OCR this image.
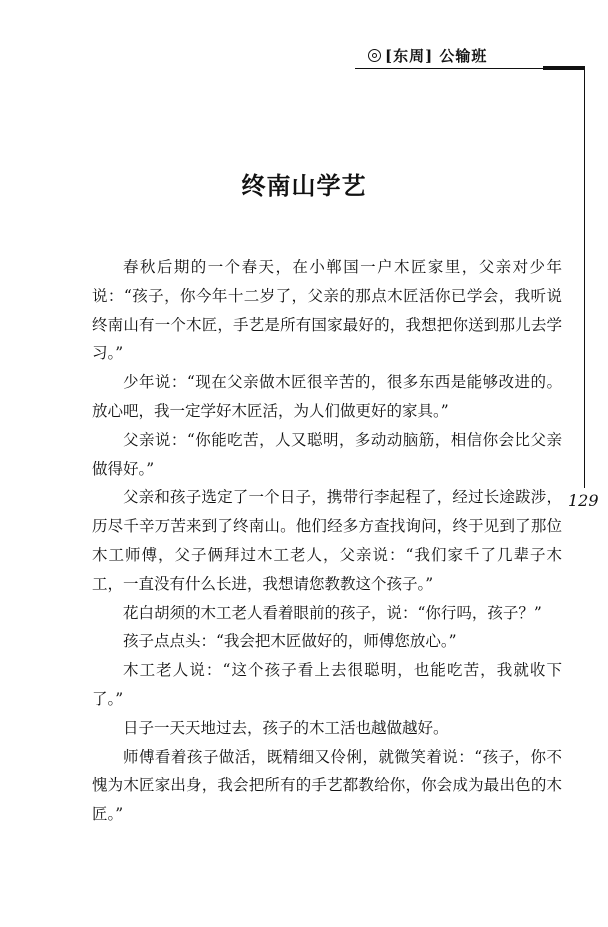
[东周] 公输班
129
终南山学艺

春秋后期的一个春天，在小郸国一户木匠家里，父亲对少年说：“孩子，你今年十二岁了，父亲的那点木匠活你已学会，我听说终南山有一个木匠，手艺是所有国家最好的，我想把你送到那儿去学习。”

少年说：“现在父亲做木匠很辛苦的，很多东西是能够改进的。放心吧，我一定学好木匠活，为人们做更好的家具。”

父亲说：“你能吃苦，人又聪明，多动动脑筋，相信你会比父亲做得好。”

父亲和孩子选定了一个日子，携带行李起程了，经过长途跋涉，历尽千辛万苦来到了终南山。他们经多方查找询问，终于见到了那位木工师傅，父子俩拜过木工老人，父亲说：“我们家千了几辈子木工，一直没有什么长进，我想请您教教这个孩子。”

花白胡须的木工老人看着眼前的孩子，说：“你行吗，孩子？”

孩子点点头：“我会把木匠做好的，师傅您放心。”

木工老人说：“这个孩子看上去很聪明，也能吃苦，我就收下了。”

日子一天天地过去，孩子的木工活也越做越好。

师傅看着孩子做活，既精细又伶俐，就微笑着说：“孩子，你不愧为木匠家出身，我会把所有的手艺都教给你，你会成为最出色的木匠。”
